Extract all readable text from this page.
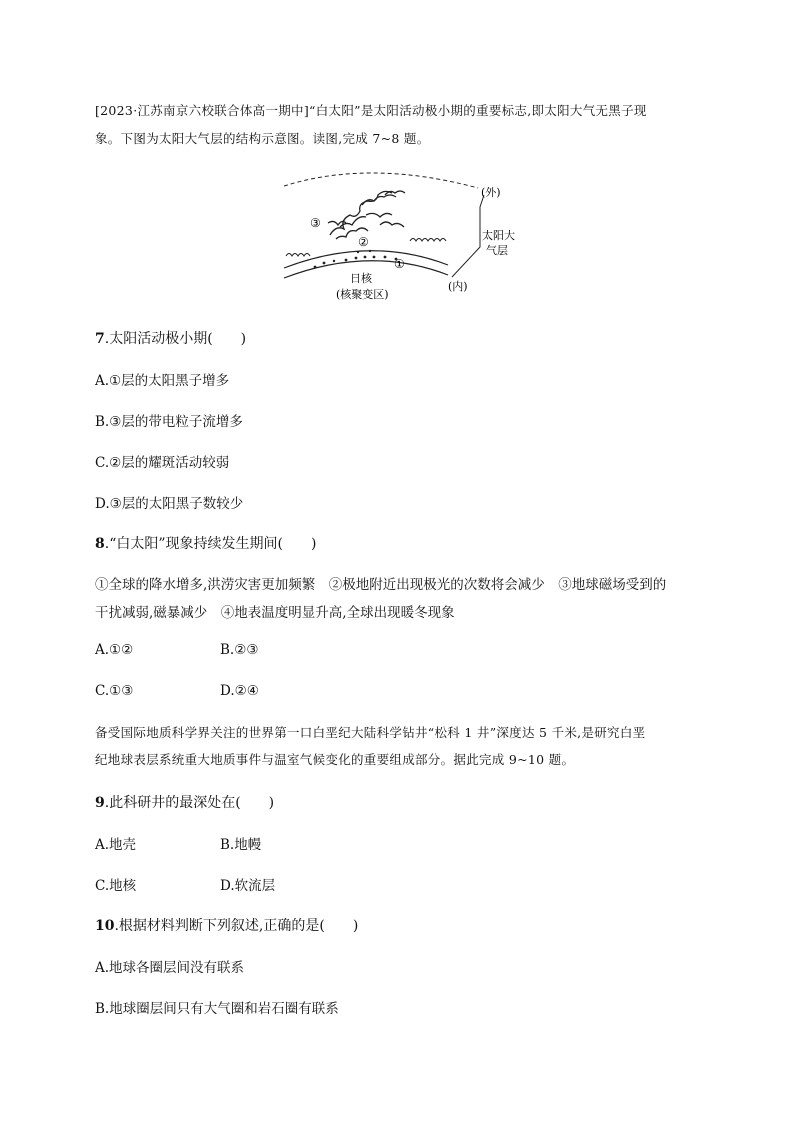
[2023·江苏南京六校联合体高一期中]“白太阳”是太阳活动极小期的重要标志,即太阳大气无黑子现
象。下图为太阳大气层的结构示意图。读图,完成 7~8 题。
(外)
太阳大
气层
(内)
日核
(核聚变区)
①
②
③
7.太阳活动极小期(　　)
A.①层的太阳黑子增多
B.③层的带电粒子流增多
C.②层的耀斑活动较弱
D.③层的太阳黑子数较少
8.“白太阳”现象持续发生期间(　　)
①全球的降水增多,洪涝灾害更加频繁　②极地附近出现极光的次数将会减少　③地球磁场受到的
干扰减弱,磁暴减少　④地表温度明显升高,全球出现暖冬现象
A.①②	B.②③
C.①③	D.②④
备受国际地质科学界关注的世界第一口白垩纪大陆科学钻井“松科 1 井”深度达 5 千米,是研究白垩
纪地球表层系统重大地质事件与温室气候变化的重要组成部分。据此完成 9~10 题。
9.此科研井的最深处在(　　)
A.地壳	B.地幔
C.地核	D.软流层
10.根据材料判断下列叙述,正确的是(　　)
A.地球各圈层间没有联系
B.地球圈层间只有大气圈和岩石圈有联系
